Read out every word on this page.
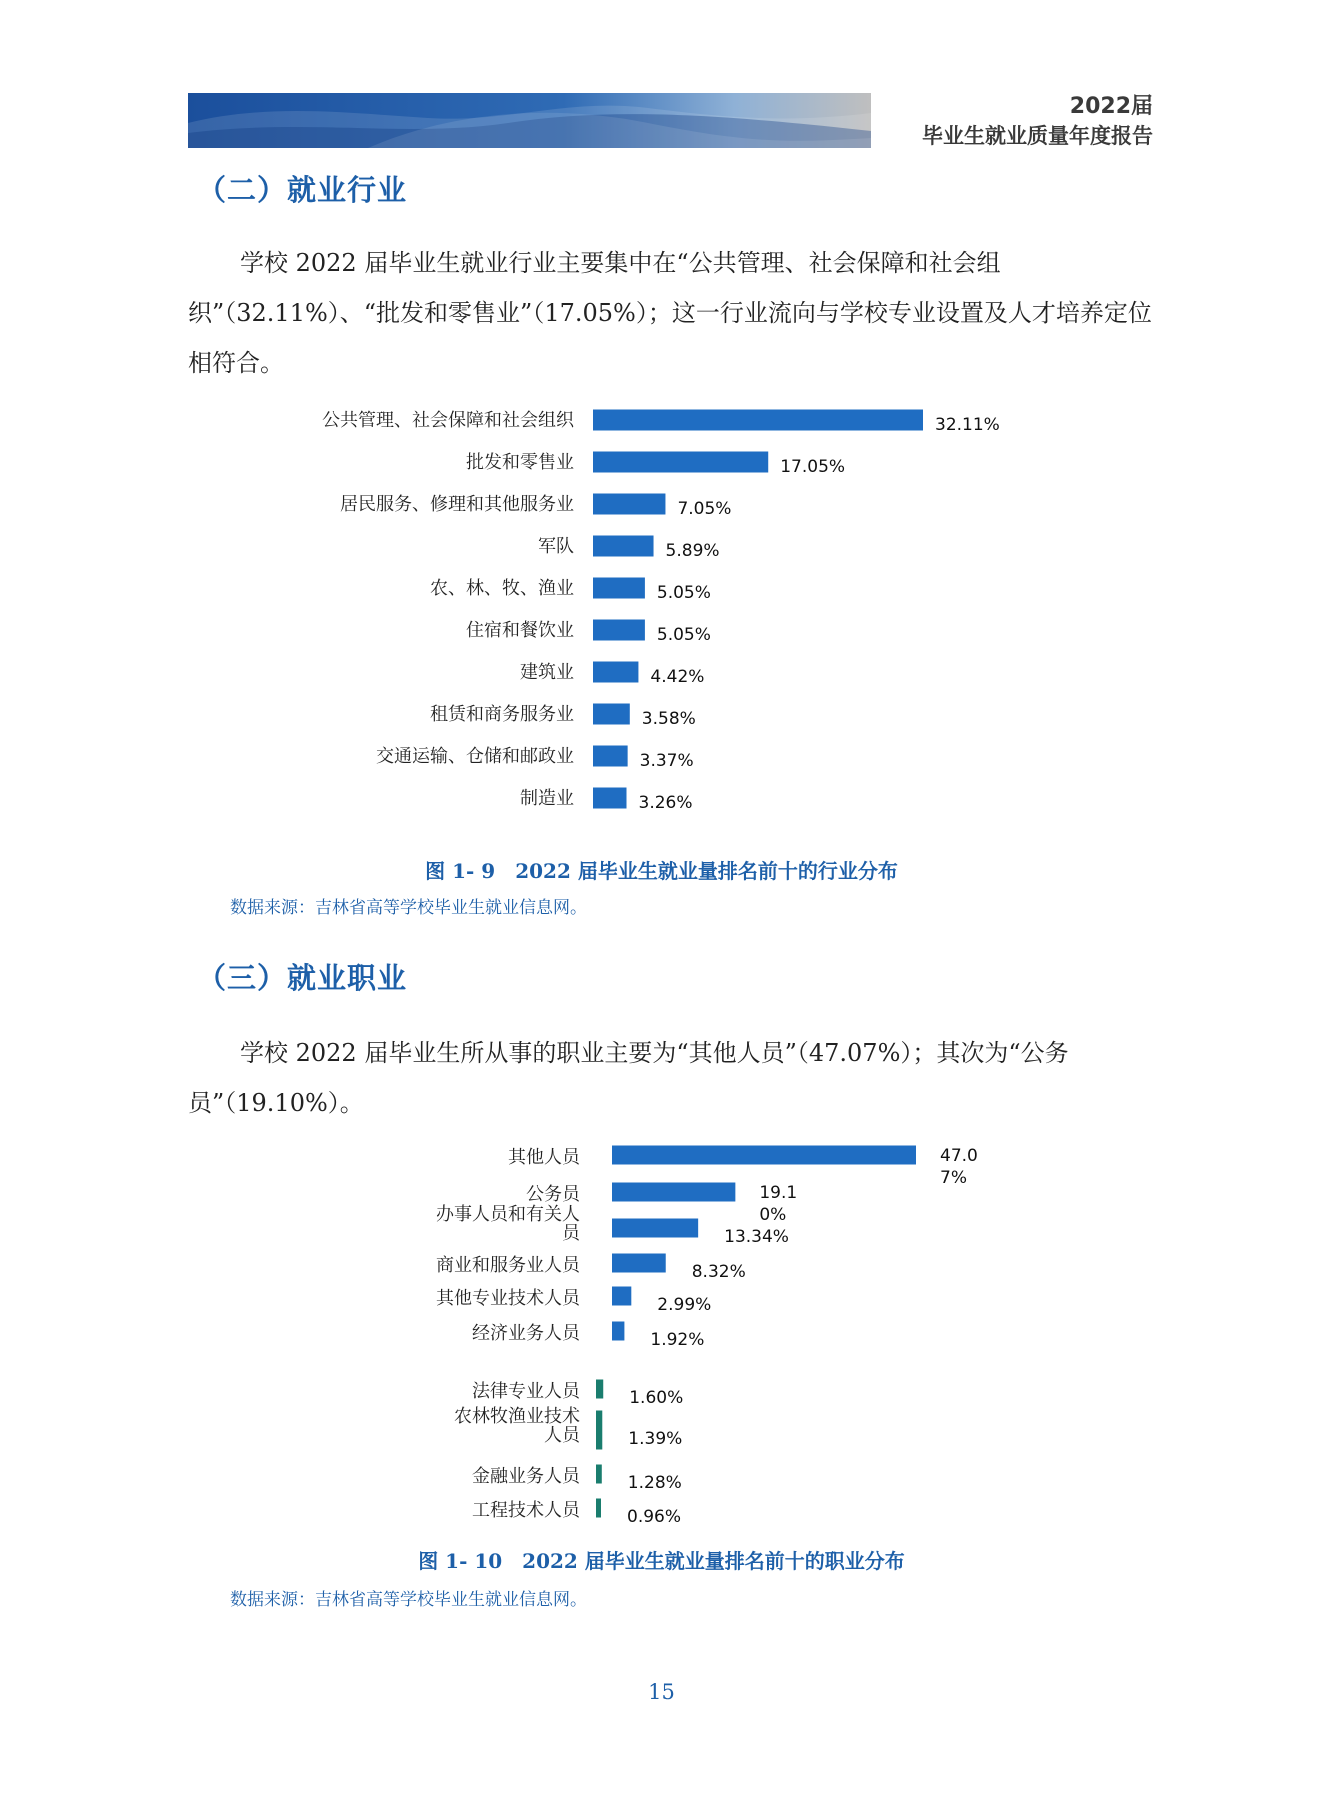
2022届
毕业生就业质量年度报告
（二）就业行业

学校 2022 届毕业生就业行业主要集中在“公共管理、社会保障和社会组织”（32.11%）、“批发和零售业”（17.05%）；这一行业流向与学校专业设置及人才培养定位相符合。

公共管理、社会保障和社会组织	32.11%
批发和零售业	17.05%
居民服务、修理和其他服务业	7.05%
军队	5.89%
农、林、牧、渔业	5.05%
住宿和餐饮业	5.05%
建筑业	4.42%
租赁和商务服务业	3.58%
交通运输、仓储和邮政业	3.37%
制造业	3.26%
图 1- 9　2022 届毕业生就业量排名前十的行业分布
数据来源：吉林省高等学校毕业生就业信息网。
（三）就业职业

学校 2022 届毕业生所从事的职业主要为“其他人员”（47.07%）；其次为“公务员”（19.10%）。

其他人员	47.0 7%
公务员	19.1 0%
办事人员和有关人员	13.34%
商业和服务业人员	8.32%
其他专业技术人员	2.99%
经济业务人员	1.92%
法律专业人员	1.60%
农林牧渔业技术人员	1.39%
金融业务人员	1.28%
工程技术人员	0.96%
图 1- 10　2022 届毕业生就业量排名前十的职业分布
数据来源：吉林省高等学校毕业生就业信息网。
15
